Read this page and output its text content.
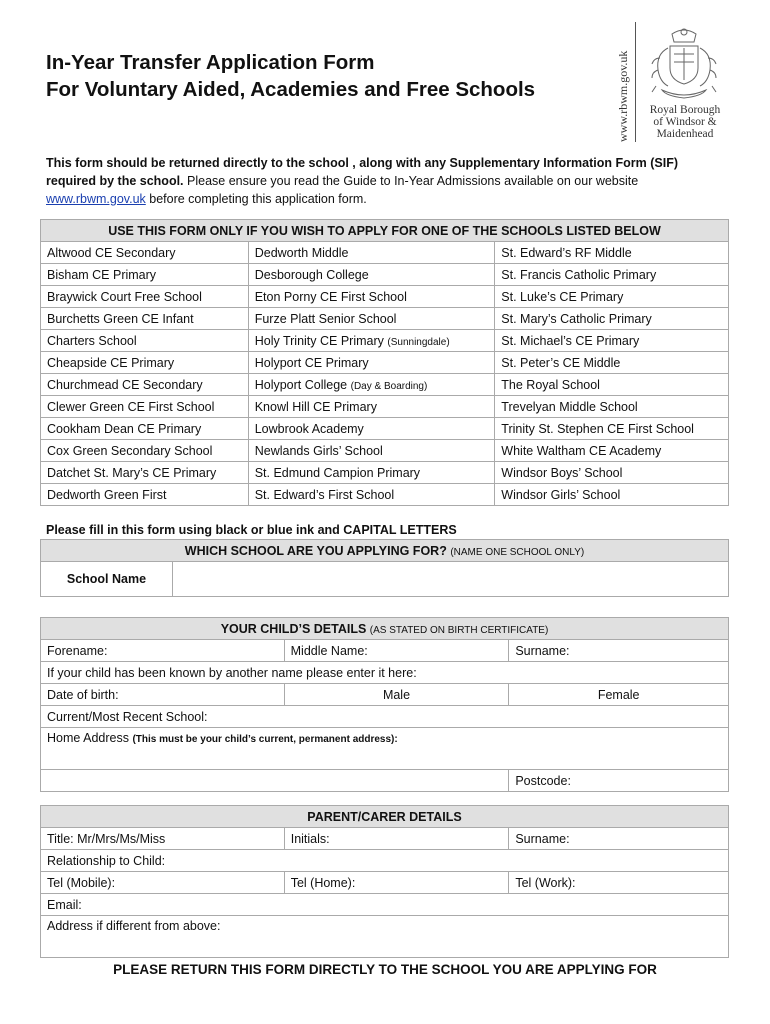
In-Year Transfer Application Form
For Voluntary Aided, Academies and Free Schools	www.rbwm.gov.uk	Royal Borough
of Windsor &
Maidenhead
This form should be returned directly to the school , along with any Supplementary Information Form (SIF) required by the school. Please ensure you read the Guide to In-Year Admissions available on our website www.rbwm.gov.uk before completing this application form.
USE THIS FORM ONLY IF YOU WISH TO APPLY FOR ONE OF THE SCHOOLS LISTED BELOW		
Altwood CE Secondary	Dedworth Middle	St. Edward’s RF Middle
Bisham CE Primary	Desborough College	St. Francis Catholic Primary
Braywick Court Free School	Eton Porny CE First School	St. Luke’s CE Primary
Burchetts Green CE Infant	Furze Platt Senior School	St. Mary’s Catholic Primary
Charters School	Holy Trinity CE Primary (Sunningdale)	St. Michael’s CE Primary
Cheapside CE Primary	Holyport CE Primary	St. Peter’s CE Middle
Churchmead CE Secondary	Holyport College (Day & Boarding)	The Royal School
Clewer Green CE First School	Knowl Hill CE Primary	Trevelyan Middle School
Cookham Dean CE Primary	Lowbrook Academy	Trinity St. Stephen CE First School
Cox Green Secondary School	Newlands Girls’ School	White Waltham CE Academy
Datchet St. Mary’s CE Primary	St. Edmund Campion Primary	Windsor Boys’ School
Dedworth Green First	St. Edward’s First School	Windsor Girls’ School
Please fill in this form using black or blue ink and CAPITAL LETTERS
WHICH SCHOOL ARE YOU APPLYING FOR? (NAME ONE SCHOOL ONLY)
School Name	
YOUR CHILD’S DETAILS (AS STATED ON BIRTH CERTIFICATE)		
Forename:	Middle Name:	Surname:
If your child has been known by another name please enter it here:		
Date of birth:	Male	Female
Current/Most Recent School:		
Home Address (This must be your child’s current, permanent address):		
		Postcode:
PARENT/CARER DETAILS		
Title: Mr/Mrs/Ms/Miss	Initials:	Surname:
Relationship to Child:		
Tel (Mobile):	Tel (Home):	Tel (Work):
Email:		
Address if different from above:		
PLEASE RETURN THIS FORM DIRECTLY TO THE SCHOOL YOU ARE APPLYING FOR
